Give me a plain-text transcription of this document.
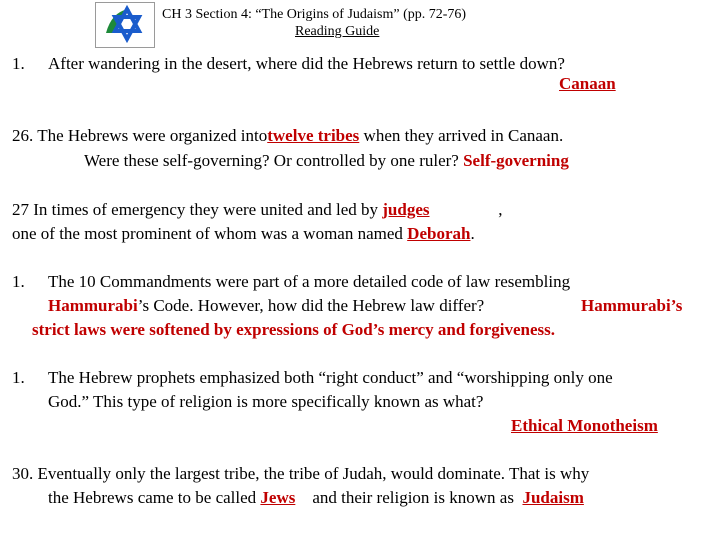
CH 3 Section 4: “The Origins of Judaism” (pp. 72-76)
Reading Guide
1. After wandering in the desert, where did the Hebrews return to settle down?
Canaan
26. The Hebrews were organized intotwelve tribes when they arrived in Canaan.
Were these self-governing? Or controlled by one ruler? Self-governing
27 In times of emergency they were united and led by judges	,
one of the most prominent of whom was a woman named Deborah.
1. The 10 Commandments were part of a more detailed code of law resembling
Hammurabi’s Code. However, how did the Hebrew law differ?	Hammurabi’s
strict laws were softened by expressions of God’s mercy and forgiveness.
1. The Hebrew prophets emphasized both “right conduct” and “worshipping only one
God.” This type of religion is more specifically known as what?
Ethical Monotheism
30. Eventually only the largest tribe, the tribe of Judah, would dominate. That is why
the Hebrews came to be called Jews    and their religion is known as  Judaism
